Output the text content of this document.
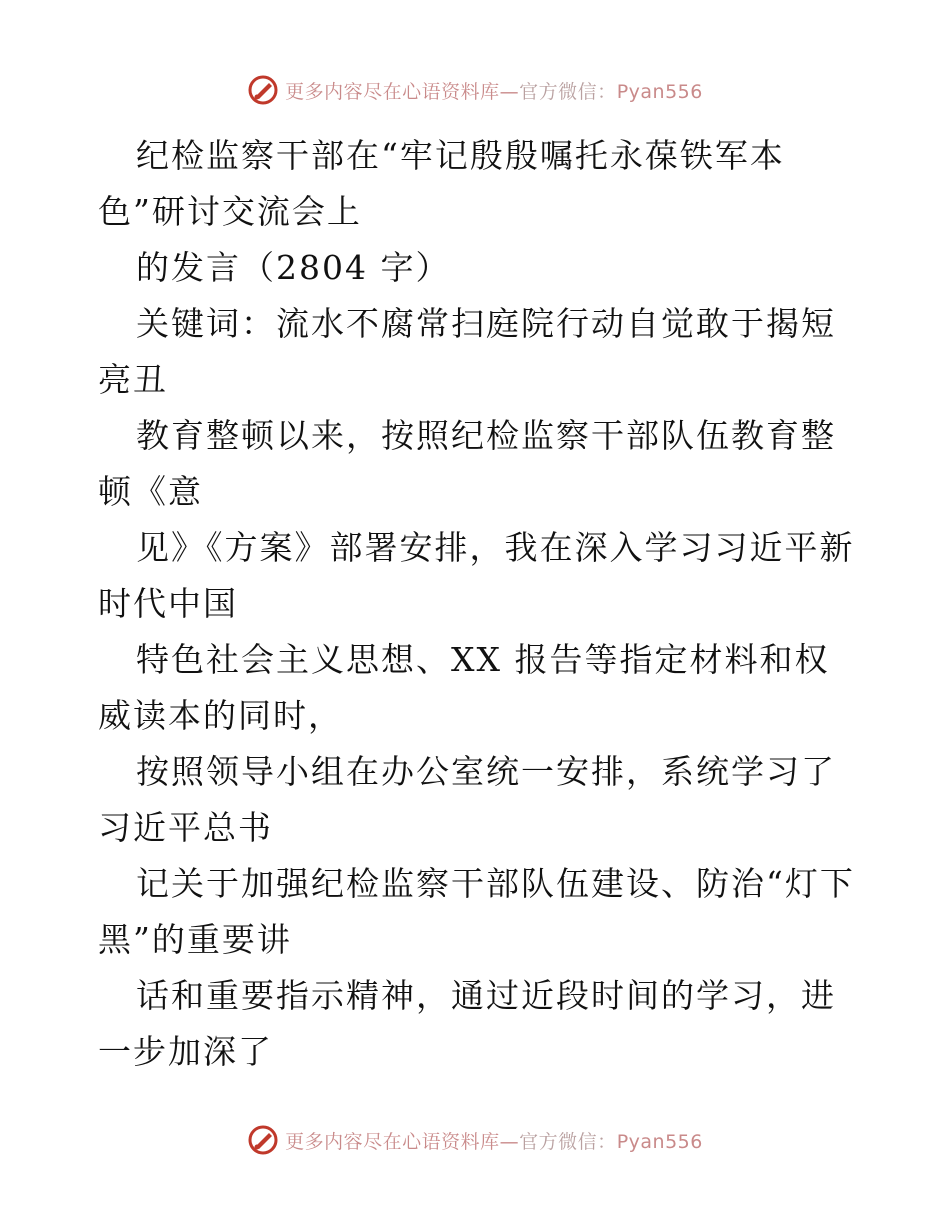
更多内容尽在心语资料库—官方微信：Pyan556

纪检监察干部在“牢记殷殷嘱托永葆铁军本

色”研讨交流会上

的发言（2804 字）

关键词：流水不腐常扫庭院行动自觉敢于揭短亮丑

教育整顿以来，按照纪检监察干部队伍教育整顿《意

见》《方案》部署安排，我在深入学习习近平新时代中国

特色社会主义思想、XX 报告等指定材料和权威读本的同时，

按照领导小组在办公室统一安排，系统学习了习近平总书

记关于加强纪检监察干部队伍建设、防治“灯下黑”的重要讲

话和重要指示精神，通过近段时间的学习，进一步加深了

更多内容尽在心语资料库—官方微信：Pyan556
